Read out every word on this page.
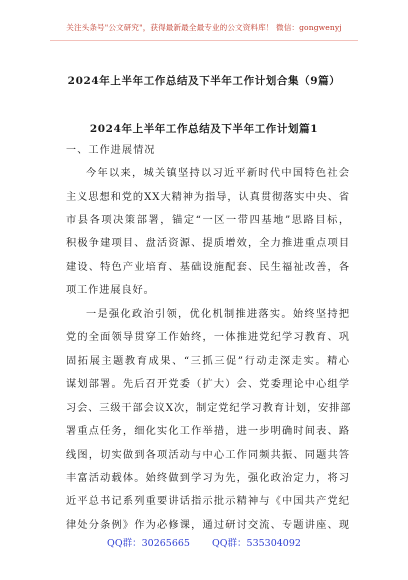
关注头条号"公文研究"，获得最新最全最专业的公文资料库！ 微信：gongwenyj
2024年上半年工作总结及下半年工作计划合集（9篇）
2024年上半年工作总结及下半年工作计划篇1
一、工作进展情况
今年以来，城关镇坚持以习近平新时代中国特色社会
主义思想和党的XX大精神为指导，认真贯彻落实中央、省
市县各项决策部署，锚定“一区一带四基地”思路目标，
积极争建项目、盘活资源、提质增效，全力推进重点项目
建设、特色产业培育、基础设施配套、民生福祉改善，各
项工作进展良好。
一是强化政治引领，优化机制推进落实。始终坚持把
党的全面领导贯穿工作始终，一体推进党纪学习教育、巩
固拓展主题教育成果、“三抓三促”行动走深走实。精心
谋划部署。先后召开党委（扩大）会、党委理论中心组学
习会、三级干部会议X次，制定党纪学习教育计划，安排部
署重点任务，细化实化工作举措，进一步明确时间表、路
线图，切实做到各项活动与中心工作同频共振、同题共答
丰富活动载体。始终做到学习为先，强化政治定力，将习
近平总书记系列重要讲话指示批示精神与《中国共产党纪
律处分条例》作为必修课，通过研讨交流、专题讲座、现
QQ群：30265665 QQ群：535304092
